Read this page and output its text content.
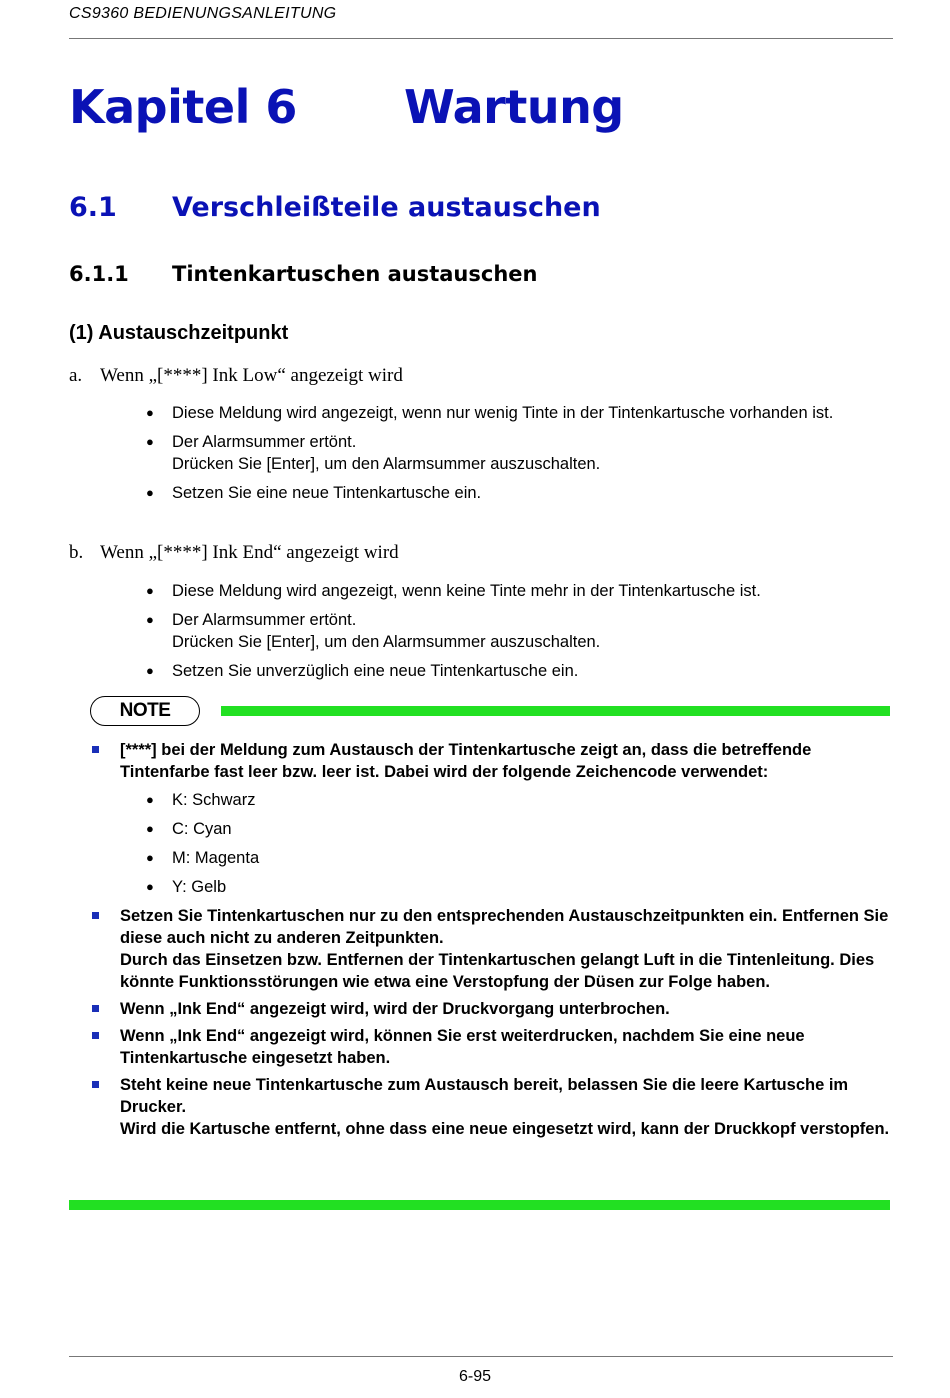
CS9360 BEDIENUNGSANLEITUNG
Kapitel 6 Wartung
6.1 Verschleißteile austauschen
6.1.1 Tintenkartuschen austauschen
(1) Austauschzeitpunkt
a. Wenn „[****] Ink Low“ angezeigt wird
● Diese Meldung wird angezeigt, wenn nur wenig Tinte in der Tintenkartusche vorhanden ist.
● Der Alarmsummer ertönt.
Drücken Sie [Enter], um den Alarmsummer auszuschalten.
● Setzen Sie eine neue Tintenkartusche ein.
b. Wenn „[****] Ink End“ angezeigt wird
● Diese Meldung wird angezeigt, wenn keine Tinte mehr in der Tintenkartusche ist.
● Der Alarmsummer ertönt.
Drücken Sie [Enter], um den Alarmsummer auszuschalten.
● Setzen Sie unverzüglich eine neue Tintenkartusche ein.
NOTE
[****] bei der Meldung zum Austausch der Tintenkartusche zeigt an, dass die betreffende Tintenfarbe fast leer bzw. leer ist. Dabei wird der folgende Zeichencode verwendet:
● K: Schwarz
● C: Cyan
● M: Magenta
● Y: Gelb
Setzen Sie Tintenkartuschen nur zu den entsprechenden Austauschzeitpunkten ein. Entfernen Sie diese auch nicht zu anderen Zeitpunkten.
Durch das Einsetzen bzw. Entfernen der Tintenkartuschen gelangt Luft in die Tintenleitung. Dies könnte Funktionsstörungen wie etwa eine Verstopfung der Düsen zur Folge haben.
Wenn „Ink End“ angezeigt wird, wird der Druckvorgang unterbrochen.
Wenn „Ink End“ angezeigt wird, können Sie erst weiterdrucken, nachdem Sie eine neue Tintenkartusche eingesetzt haben.
Steht keine neue Tintenkartusche zum Austausch bereit, belassen Sie die leere Kartusche im Drucker.
Wird die Kartusche entfernt, ohne dass eine neue eingesetzt wird, kann der Druckkopf verstopfen.
6-95
